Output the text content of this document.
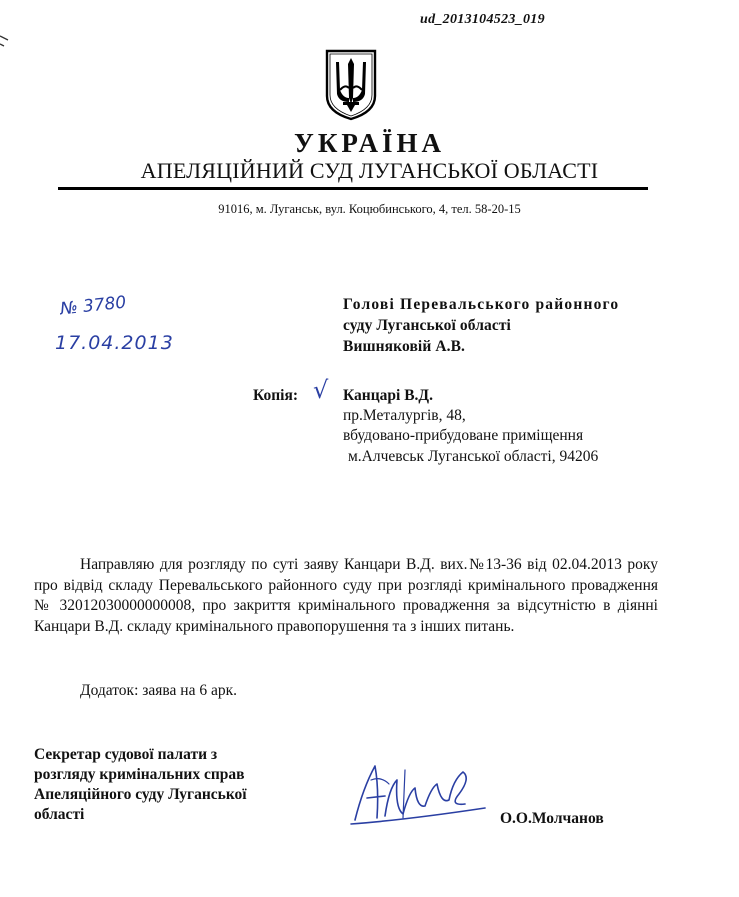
ud_2013104523_019
УКРАЇНА
АПЕЛЯЦІЙНИЙ СУД ЛУГАНСЬКОЇ ОБЛАСТІ
91016, м. Луганськ, вул. Коцюбинського, 4, тел. 58-20-15
№ 3780
17.04.2013
Голові Перевальського районного
суду Луганської області
Вишняковій А.В.
Копія: √ Канцарі В.Д.
пр.Металургів, 48,
вбудовано-прибудоване приміщення
м.Алчевськ Луганської області, 94206

Направляю для розгляду по суті заяву Канцари В.Д. вих.№13-36 від 02.04.2013 року про відвід складу Перевальського районного суду при розгляді кримінального провадження № 32012030000000008, про закриття кримінального провадження за відсутністю в діянні Канцари В.Д. складу кримінального правопорушення та з інших питань.

Додаток: заява на 6 арк.
Секретар судової палати з
розгляду кримінальних справ
Апеляційного суду Луганської
області	О.О.Молчанов
